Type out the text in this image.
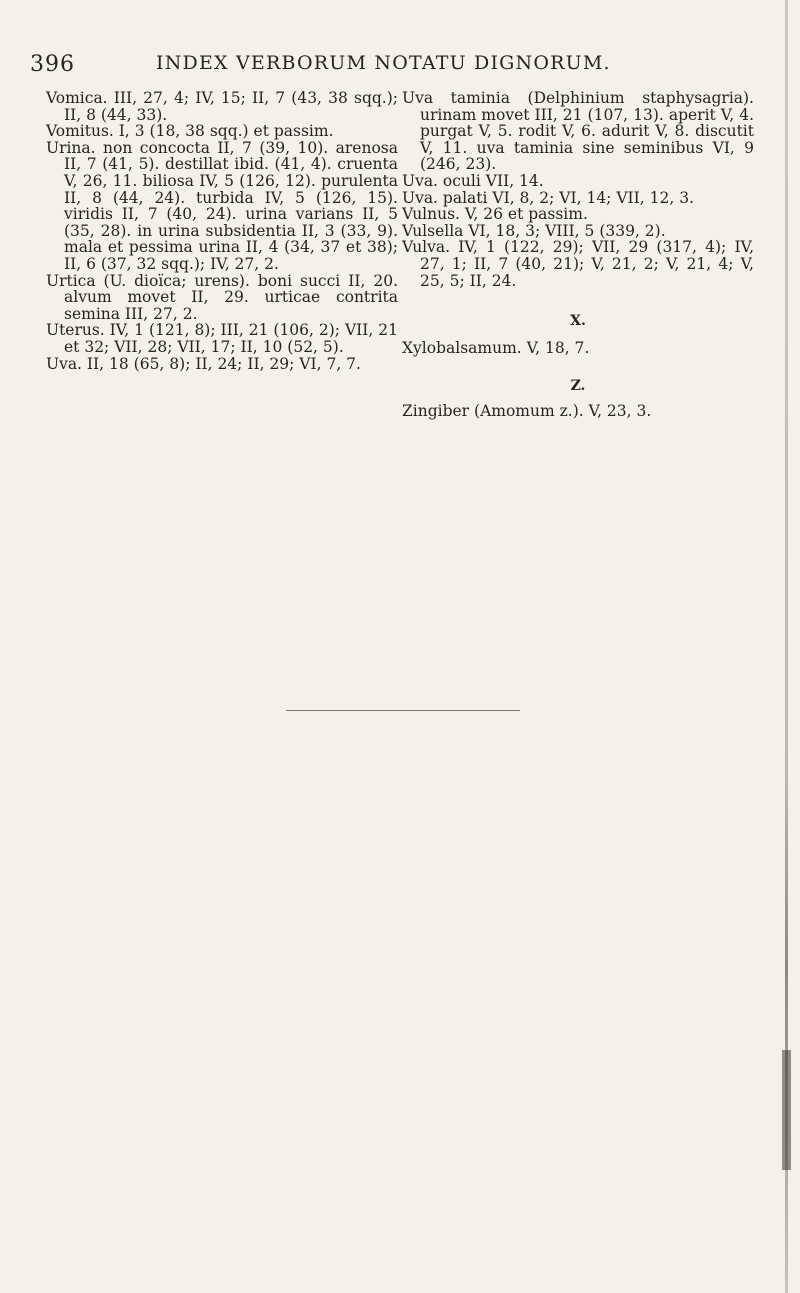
396	INDEX VERBORUM NOTATU DIGNORUM.

Vomica. III, 27, 4; IV, 15; II, 7 (43, 38 sqq.); II, 8 (44, 33).

Vomitus. I, 3 (18, 38 sqq.) et passim.

Urina. non concocta II, 7 (39, 10). arenosa II, 7 (41, 5). destillat ibid. (41, 4). cruenta V, 26, 11. biliosa IV, 5 (126, 12). purulenta II, 8 (44, 24). turbida IV, 5 (126, 15). viridis II, 7 (40, 24). urina varians II, 5 (35, 28). in urina subsidentia II, 3 (33, 9). mala et pessima urina II, 4 (34, 37 et 38); II, 6 (37, 32 sqq.); IV, 27, 2.

Urtica (U. dioïca; urens). boni succi II, 20. alvum movet II, 29. urticae contrita semina III, 27, 2.

Uterus. IV, 1 (121, 8); III, 21 (106, 2); VII, 21 et 32; VII, 28; VII, 17; II, 10 (52, 5).

Uva. II, 18 (65, 8); II, 24; II, 29; VI, 7, 7.

Uva taminia (Delphinium staphysagria). urinam movet III, 21 (107, 13). aperit V, 4. purgat V, 5. rodit V, 6. adurit V, 8. discutit V, 11. uva taminia sine seminibus VI, 9 (246, 23).

Uva. oculi VII, 14.

Uva. palati VI, 8, 2; VI, 14; VII, 12, 3.

Vulnus. V, 26 et passim.

Vulsella VI, 18, 3; VIII, 5 (339, 2).

Vulva. IV, 1 (122, 29); VII, 29 (317, 4); IV, 27, 1; II, 7 (40, 21); V, 21, 2; V, 21, 4; V, 25, 5; II, 24.

X.

Xylobalsamum. V, 18, 7.

Z.

Zingiber (Amomum z.). V, 23, 3.
